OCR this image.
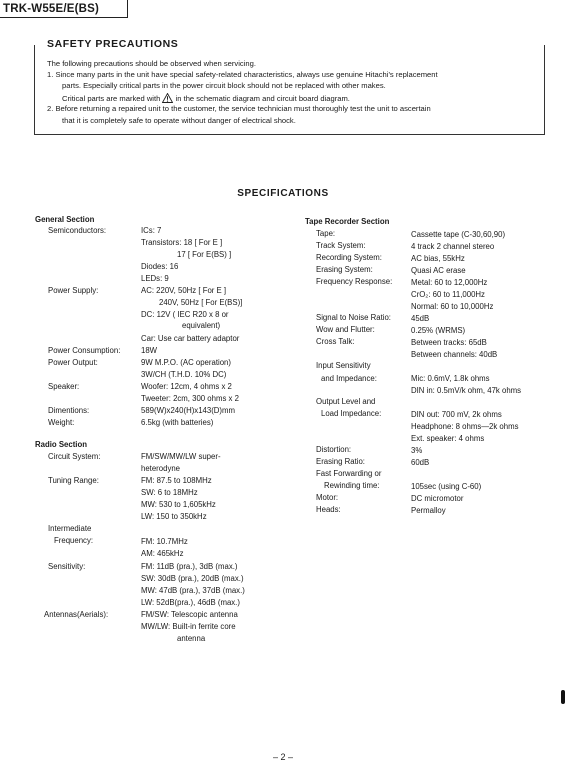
TRK-W55E/E(BS)
SAFETY PRECAUTIONS
The following precautions should be observed when servicing.
1. Since many parts in the unit have special safety-related characteristics, always use genuine Hitachi's replacement
parts. Especially critical parts in the power circuit block should not be replaced with other makes.
Critical parts are marked with in the schematic diagram and circuit board diagram.
2. Before returning a repaired unit to the customer, the service technician must thoroughly test the unit to ascertain
that it is completely safe to operate without danger of electrical shock.
SPECIFICATIONS
General Section
Semiconductors:	ICs: 7
Transistors: 18 [ For E ]
17 [ For E(BS) ]
Diodes: 16
LEDs: 9
Power Supply:	AC: 220V, 50Hz [ For E ]
240V, 50Hz [ For E(BS)]
DC: 12V ( IEC R20 x 8 or
equivalent)
Car: Use car battery adaptor
Power Consumption:	18W
Power Output:	9W M.P.O. (AC operation)
3W/CH (T.H.D. 10% DC)
Speaker:	Woofer: 12cm, 4 ohms x 2
Tweeter: 2cm, 300 ohms x 2
Dimentions:	589(W)x240(H)x143(D)mm
Weight:	6.5kg (with batteries)
Radio Section
Circuit System:	FM/SW/MW/LW super-
heterodyne
Tuning Range:	FM: 87.5 to 108MHz
SW: 6 to 18MHz
MW: 530 to 1,605kHz
LW: 150 to 350kHz
Intermediate
Frequency:	FM: 10.7MHz
AM: 465kHz
Sensitivity:	FM: 11dB (pra.), 3dB (max.)
SW: 30dB (pra.), 20dB (max.)
MW: 47dB (pra.), 37dB (max.)
LW: 52dB(pra.), 46dB (max.)
Antennas(Aerials):	FM/SW: Telescopic antenna
MW/LW: Built-in ferrite core
antenna
Tape Recorder Section
Tape:	Cassette tape (C-30,60,90)
Track System:	4 track 2 channel stereo
Recording System:	AC bias, 55kHz
Erasing System:	Quasi AC erase
Frequency Response: Metal: 60 to 12,000Hz
CrO₂: 60 to 11,000Hz
Normal: 60 to 10,000Hz
Signal to Noise Ratio:	45dB
Wow and Flutter:	0.25% (WRMS)
Cross Talk:	Between tracks: 65dB
Between channels: 40dB
Input Sensitivity
and Impedance:	Mic: 0.6mV, 1.8k ohms
DIN in: 0.5mV/k ohm, 47k ohms
Output Level and
Load Impedance:	DIN out: 700 mV, 2k ohms
Headphone: 8 ohms—2k ohms
Ext. speaker: 4 ohms
Distortion:	3%
Erasing Ratio:	60dB
Fast Forwarding or
Rewinding time:	105sec (using C-60)
Motor:	DC micromotor
Heads:	Permalloy
– 2 –
